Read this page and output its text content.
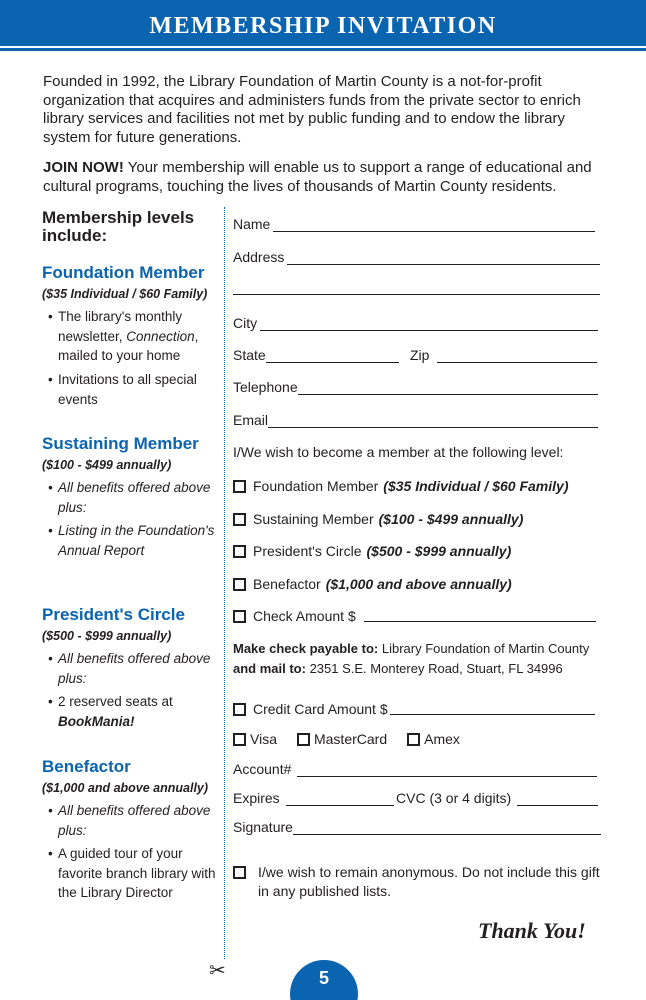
MEMBERSHIP INVITATION

Founded in 1992, the Library Foundation of Martin County is a not-for-profit organization that acquires and administers funds from the private sector to enrich library services and facilities not met by public funding and to endow the library system for future generations.

JOIN NOW! Your membership will enable us to support a range of educational and cultural programs, touching the lives of thousands of Martin County residents.

Membership levels include:
Foundation Member
($35 Individual / $60 Family)
• The library's monthly newsletter, Connection, mailed to your home
• Invitations to all special events
Sustaining Member
($100 - $499 annually)
• All benefits offered above plus:
• Listing in the Foundation's Annual Report
President's Circle
($500 - $999 annually)
• All benefits offered above plus:
• 2 reserved seats at BookMania!
Benefactor
($1,000 and above annually)
• All benefits offered above plus:
• A guided tour of your favorite branch library with the Library Director
✂
Name
Address
City
State	Zip
Telephone
Email
I/We wish to become a member at the following level:
Foundation Member ($35 Individual / $60 Family)
Sustaining Member ($100 - $499 annually)
President's Circle ($500 - $999 annually)
Benefactor ($1,000 and above annually)
Check Amount $
Make check payable to: Library Foundation of Martin County
and mail to: 2351 S.E. Monterey Road, Stuart, FL 34996
Credit Card Amount $
Visa	MasterCard	Amex
Account#
Expires	CVC (3 or 4 digits)
Signature
I/we wish to remain anonymous. Do not include this gift in any published lists.
Thank You!
5
